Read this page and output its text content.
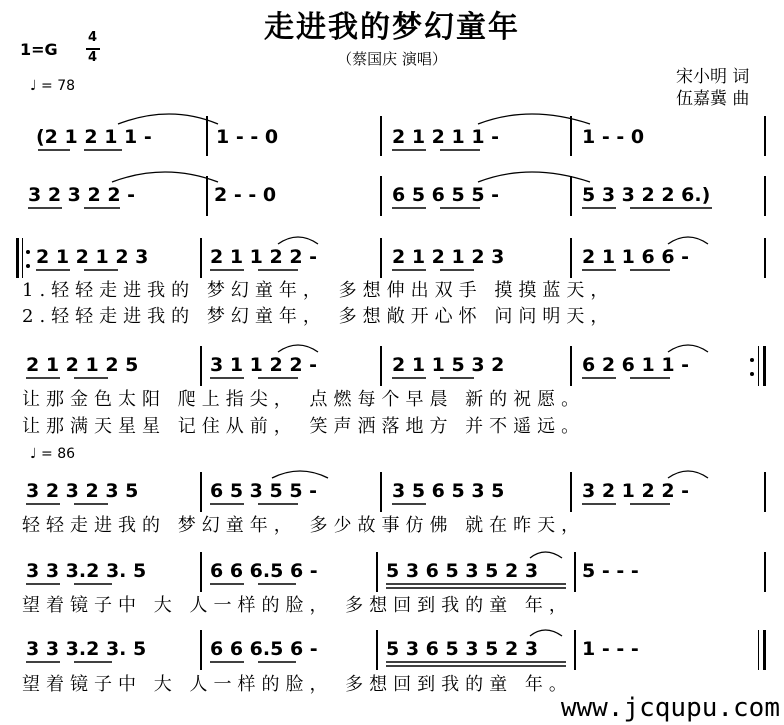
走进我的梦幻童年
（蔡国庆 演唱）
1=G
4
4
♩ = 78	宋小明 词
伍嘉冀 曲
(2 1 2 1 1 -	1 - - 0	2 1 2 1 1 -	1 - - 0
3 2 3 2 2 -	2 - - 0	6 5 6 5 5 -	5 3 3 2 2 6.)
2 1 2 1 2 3	2 1 1 2 2 -	2 1 2 1 2 3	2 1 1 6 6 -
1.轻轻走进我的 梦幻童年， 多想伸出双手 摸摸蓝天，
2.轻轻走进我的 梦幻童年， 多想敞开心怀 问问明天，
2 1 2 1 2 5	3 1 1 2 2 -	2 1 1 5 3 2	6 2 6 1 1 -
让那金色太阳 爬上指尖， 点燃每个早晨 新的祝愿。
让那满天星星 记住从前， 笑声洒落地方 并不遥远。
♩ = 86
3 2 3 2 3 5	6 5 3 5 5 -	3 5 6 5 3 5	3 2 1 2 2 -
轻轻走进我的 梦幻童年， 多少故事仿佛 就在昨天，
3 3 3.2 3. 5	6 6 6.5 6 -	5 3 6 5 3 5 2 3 5 - - -
望着镜子中 大 人一样的脸， 多想回到我的童 年，
3 3 3.2 3. 5	6 6 6.5 6 -	5 3 6 5 3 5 2 3 1 - - -
望着镜子中 大 人一样的脸， 多想回到我的童 年。
www.jcqupu.com
